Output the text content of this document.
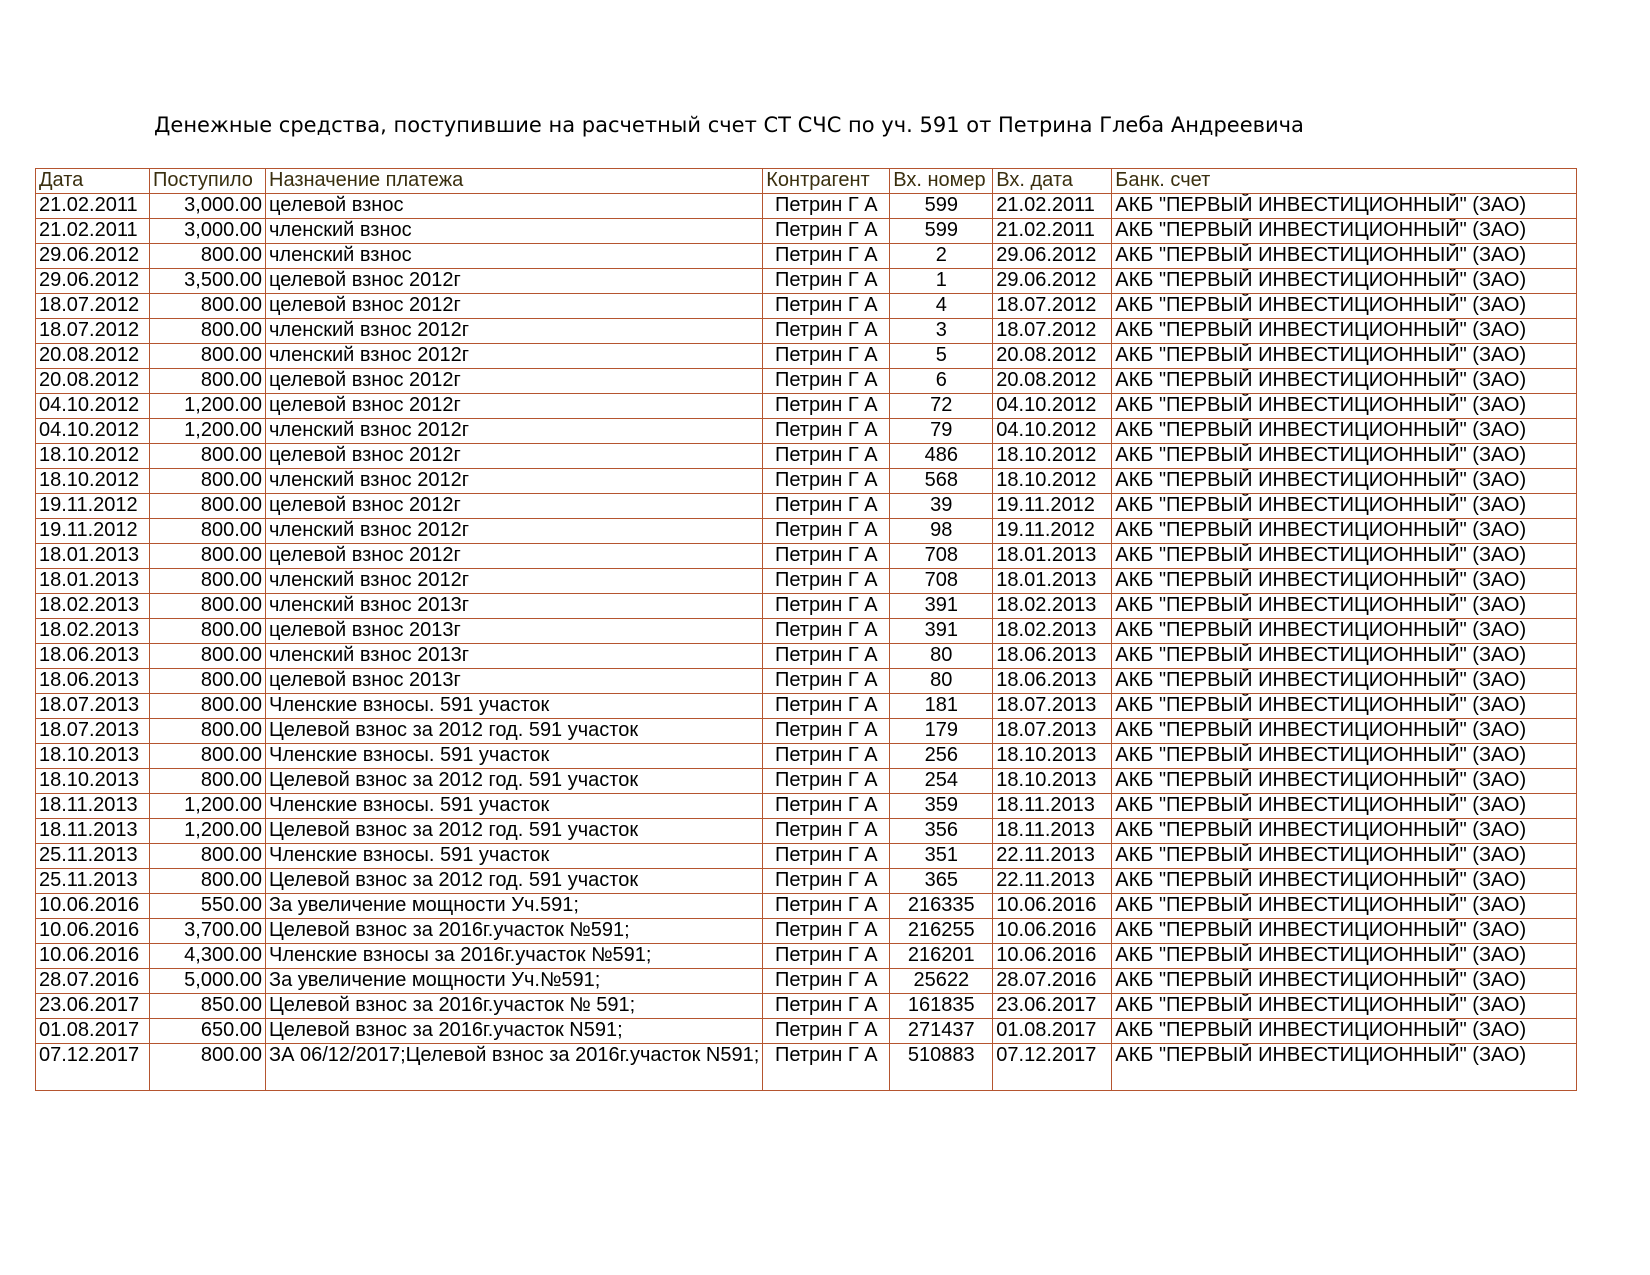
Денежные средства, поступившие на расчетный счет СТ СЧС по уч. 591 от Петрина Глеба Андреевича
Дата	Поступило	Назначение платежа	Контрагент	Вх. номер	Вх. дата	Банк. счет
21.02.2011	3,000.00	целевой взнос	Петрин Г А	599	21.02.2011	АКБ "ПЕРВЫЙ ИНВЕСТИЦИОННЫЙ" (ЗАО)
21.02.2011	3,000.00	членский взнос	Петрин Г А	599	21.02.2011	АКБ "ПЕРВЫЙ ИНВЕСТИЦИОННЫЙ" (ЗАО)
29.06.2012	800.00	членский взнос	Петрин Г А	2	29.06.2012	АКБ "ПЕРВЫЙ ИНВЕСТИЦИОННЫЙ" (ЗАО)
29.06.2012	3,500.00	целевой взнос 2012г	Петрин Г А	1	29.06.2012	АКБ "ПЕРВЫЙ ИНВЕСТИЦИОННЫЙ" (ЗАО)
18.07.2012	800.00	целевой взнос 2012г	Петрин Г А	4	18.07.2012	АКБ "ПЕРВЫЙ ИНВЕСТИЦИОННЫЙ" (ЗАО)
18.07.2012	800.00	членский взнос 2012г	Петрин Г А	3	18.07.2012	АКБ "ПЕРВЫЙ ИНВЕСТИЦИОННЫЙ" (ЗАО)
20.08.2012	800.00	членский взнос 2012г	Петрин Г А	5	20.08.2012	АКБ "ПЕРВЫЙ ИНВЕСТИЦИОННЫЙ" (ЗАО)
20.08.2012	800.00	целевой взнос 2012г	Петрин Г А	6	20.08.2012	АКБ "ПЕРВЫЙ ИНВЕСТИЦИОННЫЙ" (ЗАО)
04.10.2012	1,200.00	целевой взнос 2012г	Петрин Г А	72	04.10.2012	АКБ "ПЕРВЫЙ ИНВЕСТИЦИОННЫЙ" (ЗАО)
04.10.2012	1,200.00	членский взнос 2012г	Петрин Г А	79	04.10.2012	АКБ "ПЕРВЫЙ ИНВЕСТИЦИОННЫЙ" (ЗАО)
18.10.2012	800.00	целевой взнос 2012г	Петрин Г А	486	18.10.2012	АКБ "ПЕРВЫЙ ИНВЕСТИЦИОННЫЙ" (ЗАО)
18.10.2012	800.00	членский взнос 2012г	Петрин Г А	568	18.10.2012	АКБ "ПЕРВЫЙ ИНВЕСТИЦИОННЫЙ" (ЗАО)
19.11.2012	800.00	целевой взнос 2012г	Петрин Г А	39	19.11.2012	АКБ "ПЕРВЫЙ ИНВЕСТИЦИОННЫЙ" (ЗАО)
19.11.2012	800.00	членский взнос 2012г	Петрин Г А	98	19.11.2012	АКБ "ПЕРВЫЙ ИНВЕСТИЦИОННЫЙ" (ЗАО)
18.01.2013	800.00	целевой взнос 2012г	Петрин Г А	708	18.01.2013	АКБ "ПЕРВЫЙ ИНВЕСТИЦИОННЫЙ" (ЗАО)
18.01.2013	800.00	членский взнос 2012г	Петрин Г А	708	18.01.2013	АКБ "ПЕРВЫЙ ИНВЕСТИЦИОННЫЙ" (ЗАО)
18.02.2013	800.00	членский взнос 2013г	Петрин Г А	391	18.02.2013	АКБ "ПЕРВЫЙ ИНВЕСТИЦИОННЫЙ" (ЗАО)
18.02.2013	800.00	целевой взнос 2013г	Петрин Г А	391	18.02.2013	АКБ "ПЕРВЫЙ ИНВЕСТИЦИОННЫЙ" (ЗАО)
18.06.2013	800.00	членский взнос 2013г	Петрин Г А	80	18.06.2013	АКБ "ПЕРВЫЙ ИНВЕСТИЦИОННЫЙ" (ЗАО)
18.06.2013	800.00	целевой взнос 2013г	Петрин Г А	80	18.06.2013	АКБ "ПЕРВЫЙ ИНВЕСТИЦИОННЫЙ" (ЗАО)
18.07.2013	800.00	Членские взносы. 591 участок	Петрин Г А	181	18.07.2013	АКБ "ПЕРВЫЙ ИНВЕСТИЦИОННЫЙ" (ЗАО)
18.07.2013	800.00	Целевой взнос за 2012 год. 591 участок	Петрин Г А	179	18.07.2013	АКБ "ПЕРВЫЙ ИНВЕСТИЦИОННЫЙ" (ЗАО)
18.10.2013	800.00	Членские взносы. 591 участок	Петрин Г А	256	18.10.2013	АКБ "ПЕРВЫЙ ИНВЕСТИЦИОННЫЙ" (ЗАО)
18.10.2013	800.00	Целевой взнос за 2012 год. 591 участок	Петрин Г А	254	18.10.2013	АКБ "ПЕРВЫЙ ИНВЕСТИЦИОННЫЙ" (ЗАО)
18.11.2013	1,200.00	Членские взносы. 591 участок	Петрин Г А	359	18.11.2013	АКБ "ПЕРВЫЙ ИНВЕСТИЦИОННЫЙ" (ЗАО)
18.11.2013	1,200.00	Целевой взнос за 2012 год. 591 участок	Петрин Г А	356	18.11.2013	АКБ "ПЕРВЫЙ ИНВЕСТИЦИОННЫЙ" (ЗАО)
25.11.2013	800.00	Членские взносы. 591 участок	Петрин Г А	351	22.11.2013	АКБ "ПЕРВЫЙ ИНВЕСТИЦИОННЫЙ" (ЗАО)
25.11.2013	800.00	Целевой взнос за 2012 год. 591 участок	Петрин Г А	365	22.11.2013	АКБ "ПЕРВЫЙ ИНВЕСТИЦИОННЫЙ" (ЗАО)
10.06.2016	550.00	За увеличение мощности Уч.591;	Петрин Г А	216335	10.06.2016	АКБ "ПЕРВЫЙ ИНВЕСТИЦИОННЫЙ" (ЗАО)
10.06.2016	3,700.00	Целевой взнос за 2016г.участок №591;	Петрин Г А	216255	10.06.2016	АКБ "ПЕРВЫЙ ИНВЕСТИЦИОННЫЙ" (ЗАО)
10.06.2016	4,300.00	Членские взносы за 2016г.участок №591;	Петрин Г А	216201	10.06.2016	АКБ "ПЕРВЫЙ ИНВЕСТИЦИОННЫЙ" (ЗАО)
28.07.2016	5,000.00	За увеличение мощности Уч.№591;	Петрин Г А	25622	28.07.2016	АКБ "ПЕРВЫЙ ИНВЕСТИЦИОННЫЙ" (ЗАО)
23.06.2017	850.00	Целевой взнос за 2016г.участок № 591;	Петрин Г А	161835	23.06.2017	АКБ "ПЕРВЫЙ ИНВЕСТИЦИОННЫЙ" (ЗАО)
01.08.2017	650.00	Целевой взнос за 2016г.участок N591;	Петрин Г А	271437	01.08.2017	АКБ "ПЕРВЫЙ ИНВЕСТИЦИОННЫЙ" (ЗАО)
07.12.2017	800.00	ЗА 06/12/2017;Целевой взнос за 2016г.участок N591;	Петрин Г А	510883	07.12.2017	АКБ "ПЕРВЫЙ ИНВЕСТИЦИОННЫЙ" (ЗАО)
